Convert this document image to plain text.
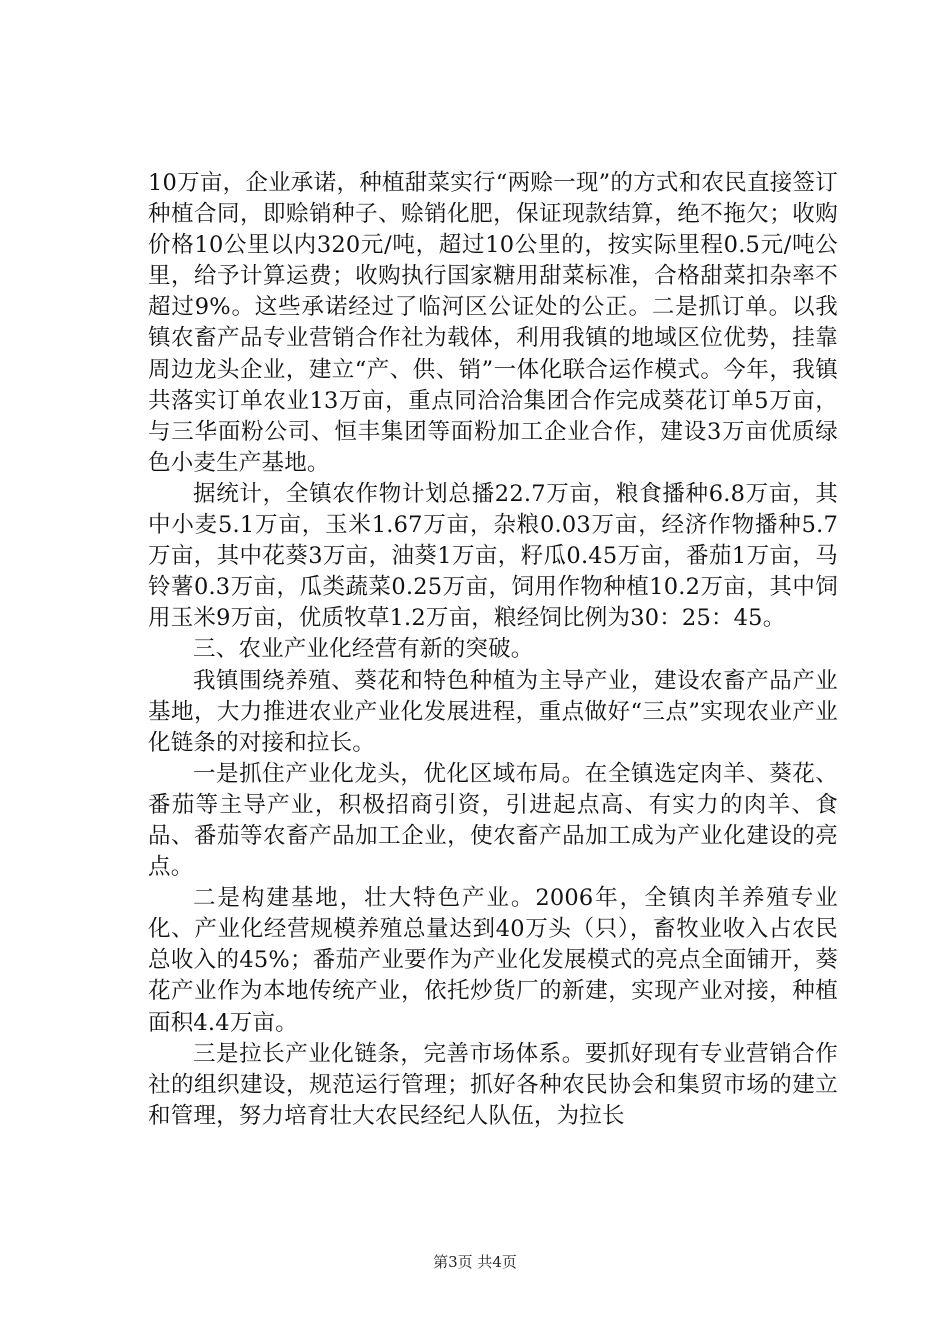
10万亩，企业承诺，种植甜菜实行“两赊一现”的方式和农民直接签订种植合同，即赊销种子、赊销化肥，保证现款结算，绝不拖欠；收购价格10公里以内320元/吨，超过10公里的，按实际里程0.5元/吨公里，给予计算运费；收购执行国家糖用甜菜标准，合格甜菜扣杂率不超过9%。这些承诺经过了临河区公证处的公正。二是抓订单。以我镇农畜产品专业营销合作社为载体，利用我镇的地域区位优势，挂靠周边龙头企业，建立“产、供、销”一体化联合运作模式。今年，我镇共落实订单农业13万亩，重点同洽洽集团合作完成葵花订单5万亩，与三华面粉公司、恒丰集团等面粉加工企业合作，建设3万亩优质绿色小麦生产基地。

据统计，全镇农作物计划总播22.7万亩，粮食播种6.8万亩，其中小麦5.1万亩，玉米1.67万亩，杂粮0.03万亩，经济作物播种5.7万亩，其中花葵3万亩，油葵1万亩，籽瓜0.45万亩，番茄1万亩，马铃薯0.3万亩，瓜类蔬菜0.25万亩，饲用作物种植10.2万亩，其中饲用玉米9万亩，优质牧草1.2万亩，粮经饲比例为30：25：45。

三、农业产业化经营有新的突破。

我镇围绕养殖、葵花和特色种植为主导产业，建设农畜产品产业基地，大力推进农业产业化发展进程，重点做好“三点”实现农业产业化链条的对接和拉长。

一是抓住产业化龙头，优化区域布局。在全镇选定肉羊、葵花、番茄等主导产业，积极招商引资，引进起点高、有实力的肉羊、食品、番茄等农畜产品加工企业，使农畜产品加工成为产业化建设的亮点。

二是构建基地，壮大特色产业。2006年，全镇肉羊养殖专业化、产业化经营规模养殖总量达到40万头（只），畜牧业收入占农民总收入的45%；番茄产业要作为产业化发展模式的亮点全面铺开，葵花产业作为本地传统产业，依托炒货厂的新建，实现产业对接，种植面积4.4万亩。

三是拉长产业化链条，完善市场体系。要抓好现有专业营销合作社的组织建设，规范运行管理；抓好各种农民协会和集贸市场的建立和管理，努力培育壮大农民经纪人队伍，为拉长

第3页 共4页
